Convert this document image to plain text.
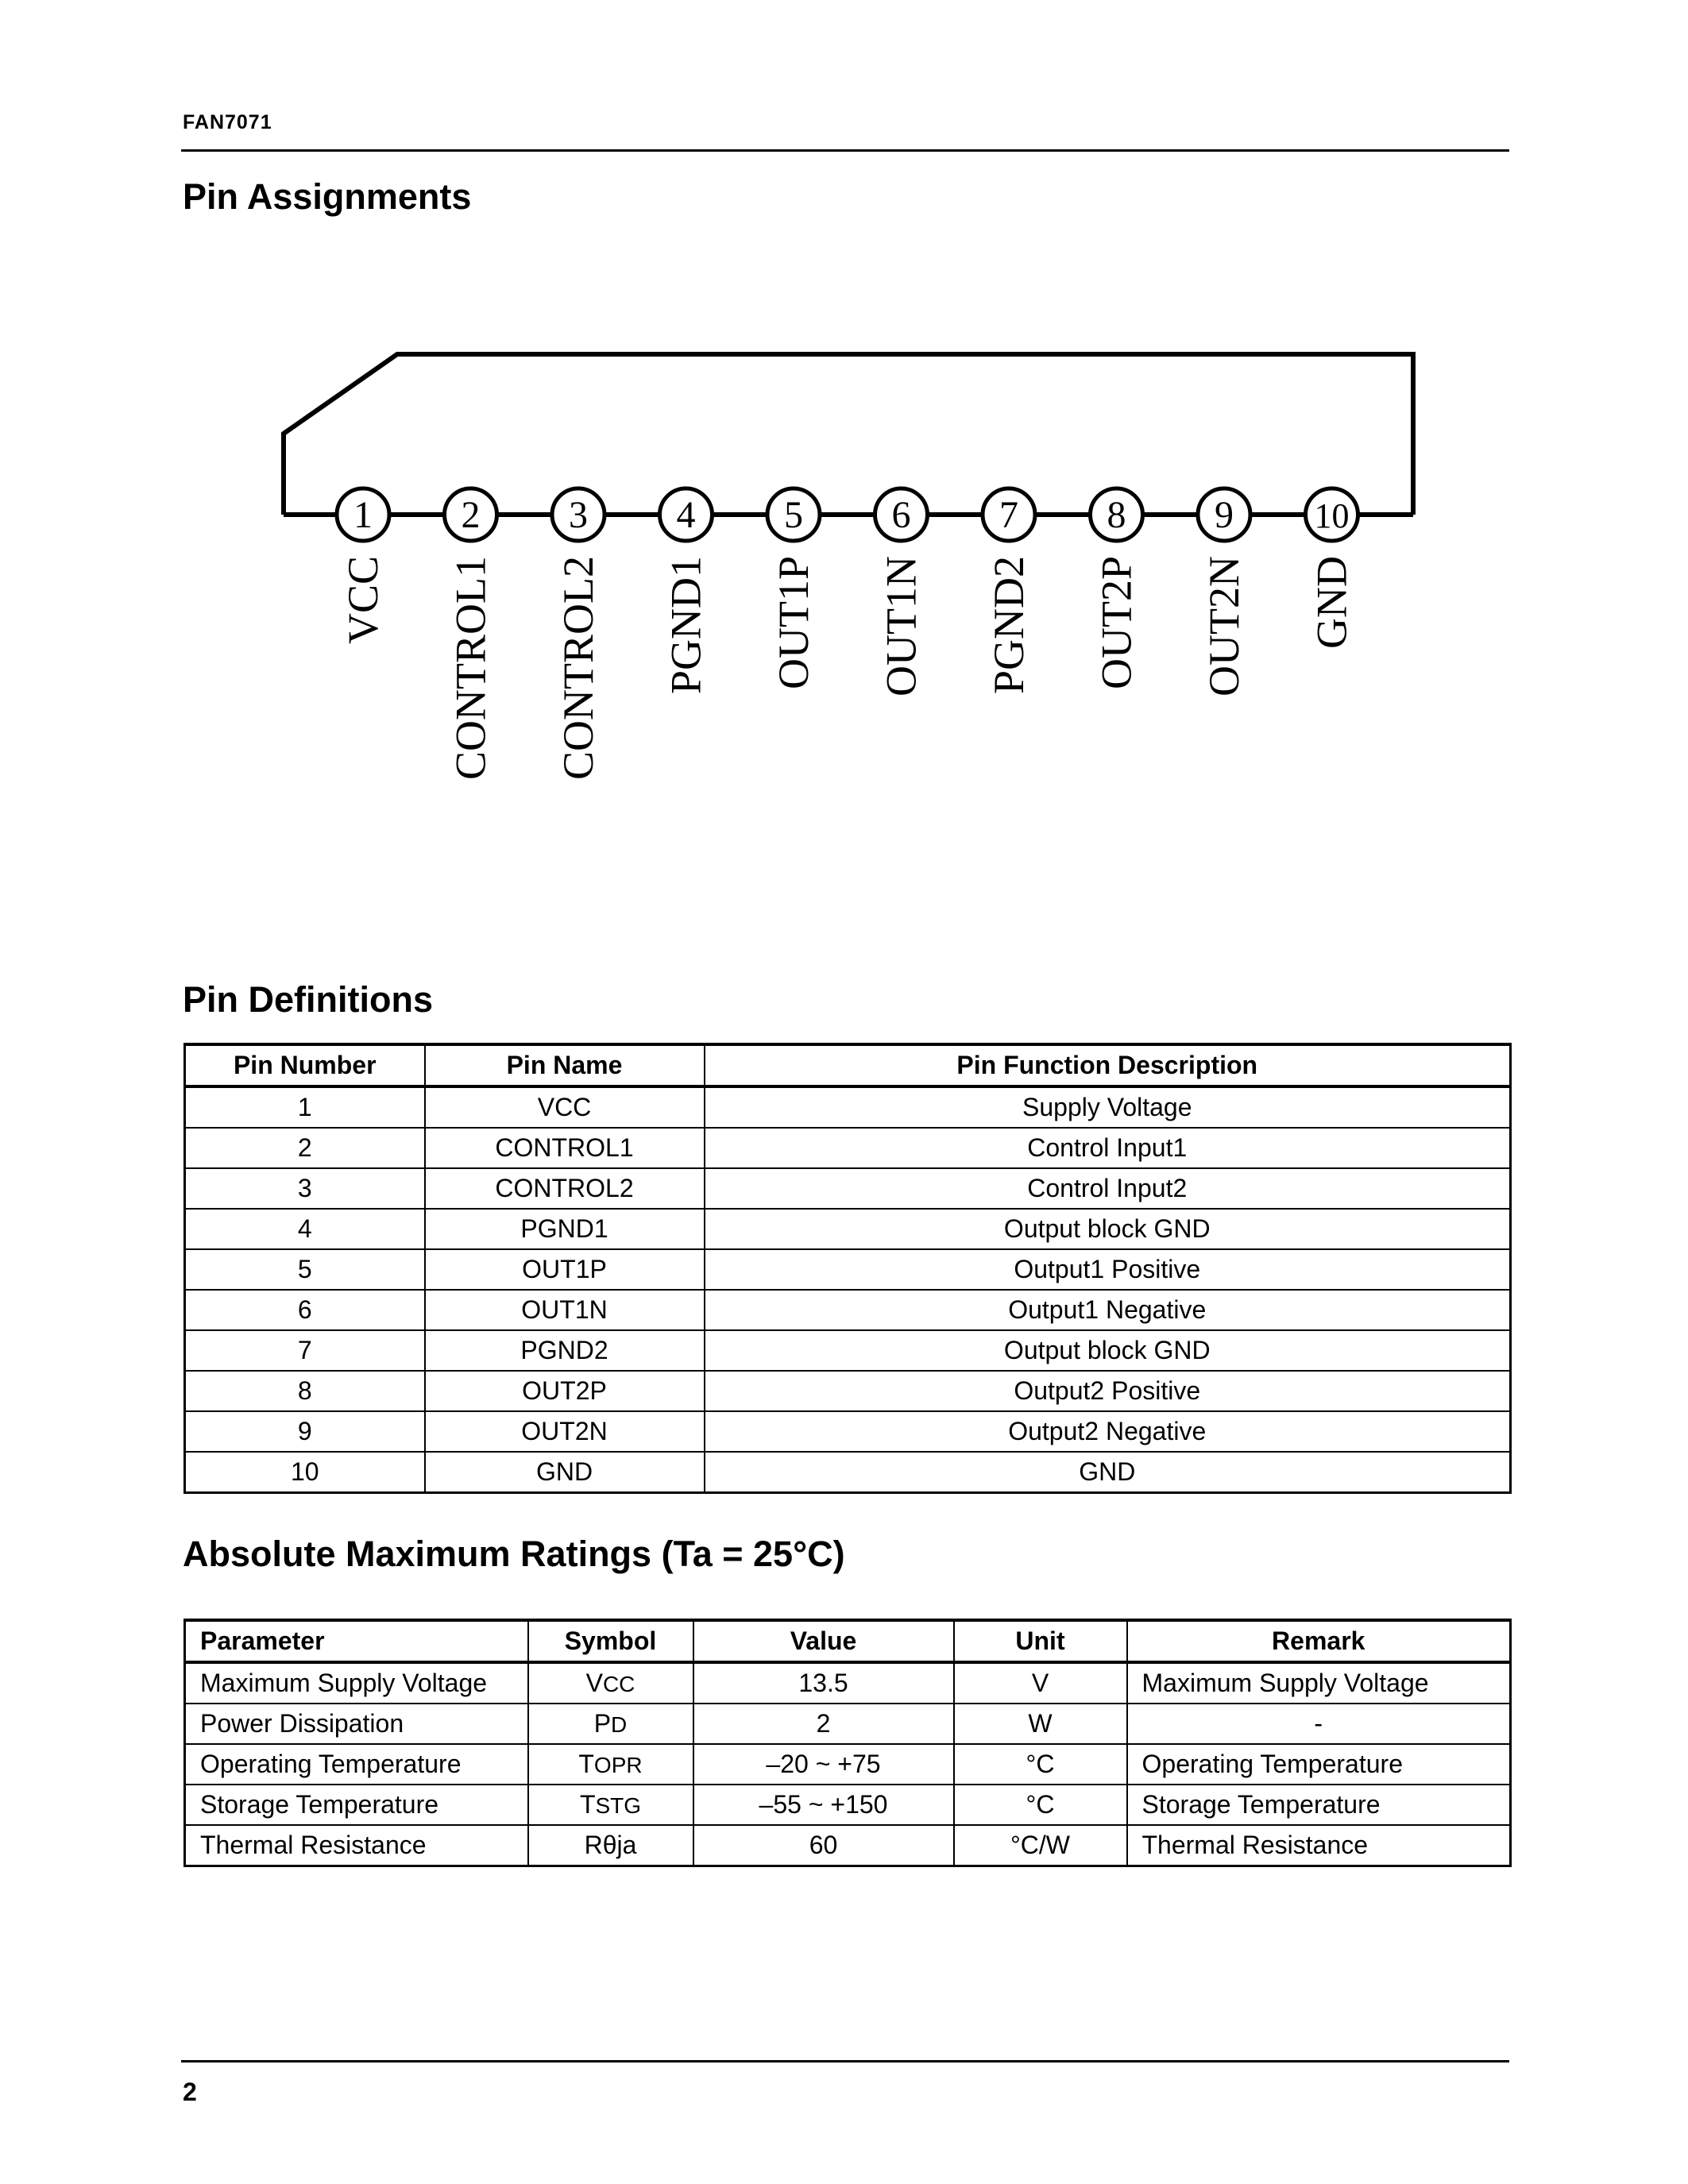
FAN7071
Pin Assignments
1
VCC
2
CONTROL1
3
CONTROL2
4
PGND1
5
OUT1P
6
OUT1N
7
PGND2
8
OUT2P
9
OUT2N
10
GND
Pin Definitions
Pin Number	Pin Name	Pin Function Description
1	VCC	Supply Voltage
2	CONTROL1	Control Input1
3	CONTROL2	Control Input2
4	PGND1	Output block GND
5	OUT1P	Output1 Positive
6	OUT1N	Output1 Negative
7	PGND2	Output block GND
8	OUT2P	Output2 Positive
9	OUT2N	Output2 Negative
10	GND	GND
Absolute Maximum Ratings (Ta = 25°C)
Parameter	Symbol	Value	Unit	Remark
Maximum Supply Voltage	VCC	13.5	V	Maximum Supply Voltage
Power Dissipation	PD	2	W	-
Operating Temperature	TOPR	–20 ~ +75	°C	Operating Temperature
Storage Temperature	TSTG	–55 ~ +150	°C	Storage Temperature
Thermal Resistance	Rθja	60	°C/W	Thermal Resistance
2
